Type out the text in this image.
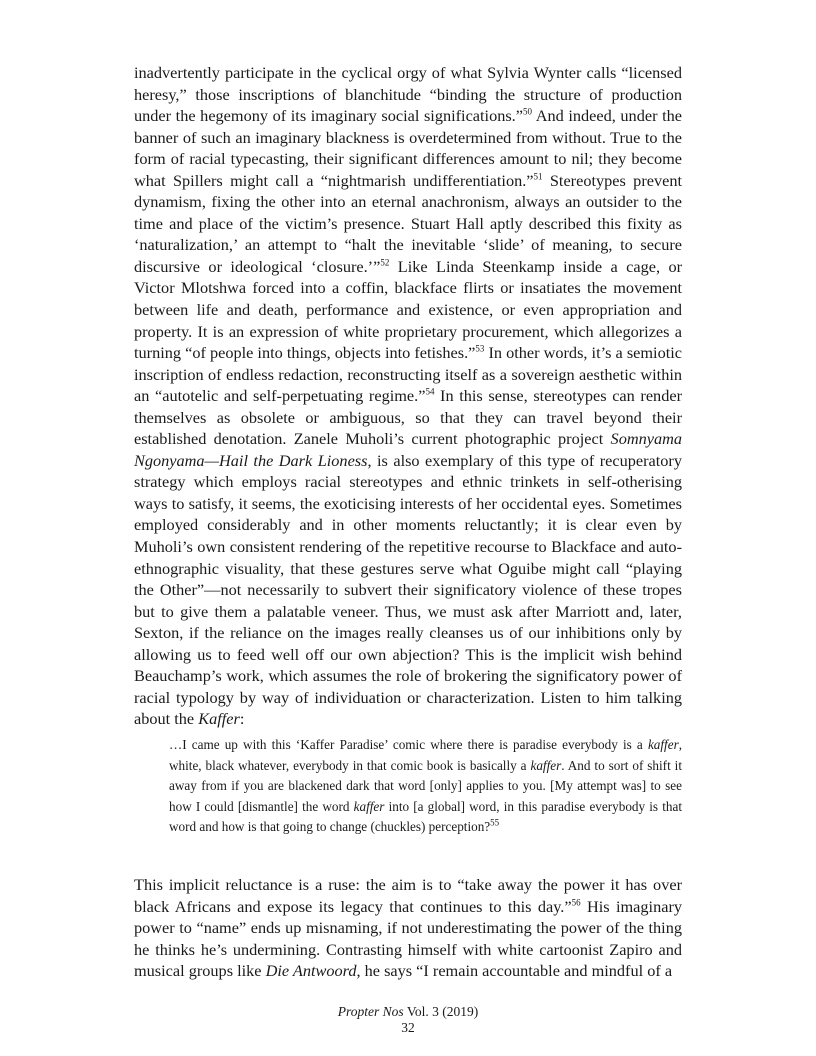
inadvertently participate in the cyclical orgy of what Sylvia Wynter calls “licensed heresy,” those inscriptions of blanchitude “binding the structure of production under the hegemony of its imaginary social significations.”$^{50}$ And indeed, under the banner of such an imaginary blackness is overdetermined from without. True to the form of racial typecasting, their significant differences amount to nil; they become what Spillers might call a “nightmarish undifferentiation.”$^{51}$ Stereotypes prevent dynamism, fixing the other into an eternal anachronism, always an outsider to the time and place of the victim’s presence. Stuart Hall aptly described this fixity as ‘naturalization,’ an attempt to “halt the inevitable ‘slide’ of meaning, to secure discursive or ideological ‘closure.’”$^{52}$ Like Linda Steenkamp inside a cage, or Victor Mlotshwa forced into a coffin, blackface flirts or insatiates the movement between life and death, performance and existence, or even appropriation and property. It is an expression of white proprietary procurement, which allegorizes a turning “of people into things, objects into fetishes.”$^{53}$ In other words, it’s a semiotic inscription of endless redaction, reconstructing itself as a sovereign aesthetic within an “autotelic and self-perpetuating regime.”$^{54}$ In this sense, stereotypes can render themselves as obsolete or ambiguous, so that they can travel beyond their established denotation. Zanele Muholi’s current photographic project Somnyama Ngonyama—Hail the Dark Lioness, is also exemplary of this type of recuperatory strategy which employs racial stereotypes and ethnic trinkets in self-otherising ways to satisfy, it seems, the exoticising interests of her occidental eyes. Sometimes employed considerably and in other moments reluctantly; it is clear even by Muholi’s own consistent rendering of the repetitive recourse to Blackface and auto-ethnographic visuality, that these gestures serve what Oguibe might call “playing the Other”—not necessarily to subvert their significatory violence of these tropes but to give them a palatable veneer. Thus, we must ask after Marriott and, later, Sexton, if the reliance on the images really cleanses us of our inhibitions only by allowing us to feed well off our own abjection? This is the implicit wish behind Beauchamp’s work, which assumes the role of brokering the significatory power of racial typology by way of individuation or characterization. Listen to him talking about the Kaffer:

…I came up with this ‘Kaffer Paradise’ comic where there is paradise everybody is a kaffer, white, black whatever, everybody in that comic book is basically a kaffer. And to sort of shift it away from if you are blackened dark that word [only] applies to you. [My attempt was] to see how I could [dismantle] the word kaffer into [a global] word, in this paradise everybody is that word and how is that going to change (chuckles) perception?$^{55}$
This implicit reluctance is a ruse: the aim is to “take away the power it has over black Africans and expose its legacy that continues to this day.”$^{56}$ His imaginary power to “name” ends up misnaming, if not underestimating the power of the thing he thinks he’s undermining. Contrasting himself with white cartoonist Zapiro and musical groups like Die Antwoord, he says “I remain accountable and mindful of a
Propter Nos Vol. 3 (2019)
32
